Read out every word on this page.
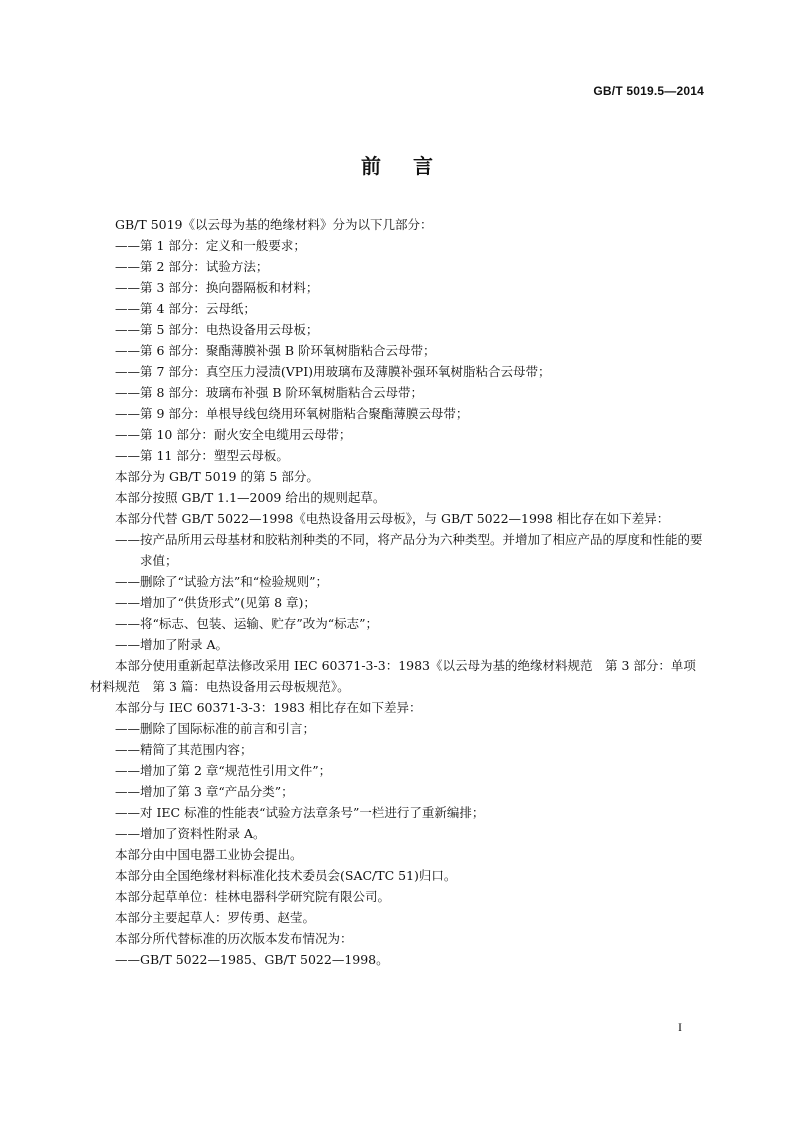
GB/T 5019.5—2014
前言

GB/T 5019《以云母为基的绝缘材料》分为以下几部分：

——第 1 部分：定义和一般要求；

——第 2 部分：试验方法；

——第 3 部分：换向器隔板和材料；

——第 4 部分：云母纸；

——第 5 部分：电热设备用云母板；

——第 6 部分：聚酯薄膜补强 B 阶环氧树脂粘合云母带；

——第 7 部分：真空压力浸渍(VPI)用玻璃布及薄膜补强环氧树脂粘合云母带；

——第 8 部分：玻璃布补强 B 阶环氧树脂粘合云母带；

——第 9 部分：单根导线包绕用环氧树脂粘合聚酯薄膜云母带；

——第 10 部分：耐火安全电缆用云母带；

——第 11 部分：塑型云母板。

本部分为 GB/T 5019 的第 5 部分。

本部分按照 GB/T 1.1—2009 给出的规则起草。

本部分代替 GB/T 5022—1998《电热设备用云母板》，与 GB/T 5022—1998 相比存在如下差异：

——按产品所用云母基材和胶粘剂种类的不同，将产品分为六种类型。并增加了相应产品的厚度和性能的要求值；

——删除了“试验方法”和“检验规则”；

——增加了“供货形式”(见第 8 章)；

——将“标志、包装、运输、贮存”改为“标志”；

——增加了附录 A。

本部分使用重新起草法修改采用 IEC 60371-3-3：1983《以云母为基的绝缘材料规范　第 3 部分：单项材料规范　第 3 篇：电热设备用云母板规范》。

本部分与 IEC 60371-3-3：1983 相比存在如下差异：

——删除了国际标准的前言和引言；

——精简了其范围内容；

——增加了第 2 章“规范性引用文件”；

——增加了第 3 章“产品分类”；

——对 IEC 标准的性能表“试验方法章条号”一栏进行了重新编排；

——增加了资料性附录 A。

本部分由中国电器工业协会提出。

本部分由全国绝缘材料标准化技术委员会(SAC/TC 51)归口。

本部分起草单位：桂林电器科学研究院有限公司。

本部分主要起草人：罗传勇、赵莹。

本部分所代替标准的历次版本发布情况为：

——GB/T 5022—1985、GB/T 5022—1998。

I
